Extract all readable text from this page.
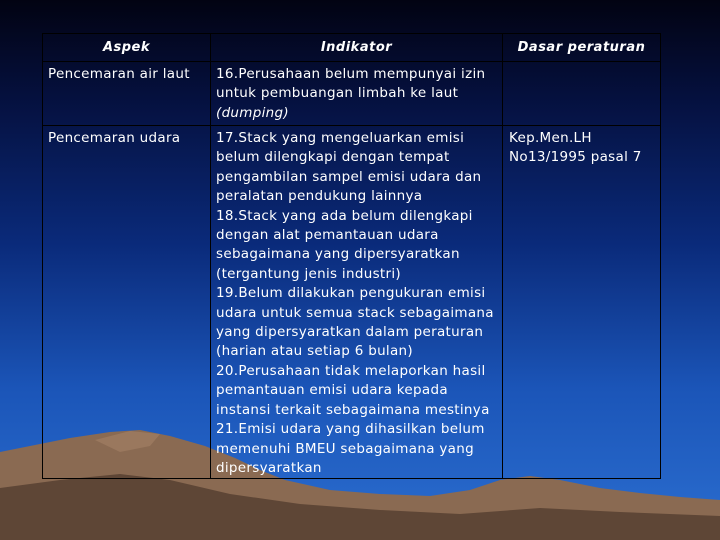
Aspek	Indikator	Dasar peraturan
Pencemaran air laut	16.Perusahaan belum mempunyai izin untuk pembuangan limbah ke laut
(dumping)	
Pencemaran udara	17.Stack yang mengeluarkan emisi belum dilengkapi dengan tempat pengambilan sampel emisi udara dan peralatan pendukung lainnya
18.Stack yang ada belum dilengkapi dengan alat pemantauan udara sebagaimana yang dipersyaratkan (tergantung jenis industri)
19.Belum dilakukan pengukuran emisi udara untuk semua stack sebagaimana yang dipersyaratkan dalam peraturan (harian atau setiap 6 bulan)
20.Perusahaan tidak melaporkan hasil pemantauan emisi udara kepada instansi terkait sebagaimana mestinya
21.Emisi udara yang dihasilkan belum memenuhi BMEU sebagaimana yang dipersyaratkan	Kep.Men.LH No13/1995 pasal 7
